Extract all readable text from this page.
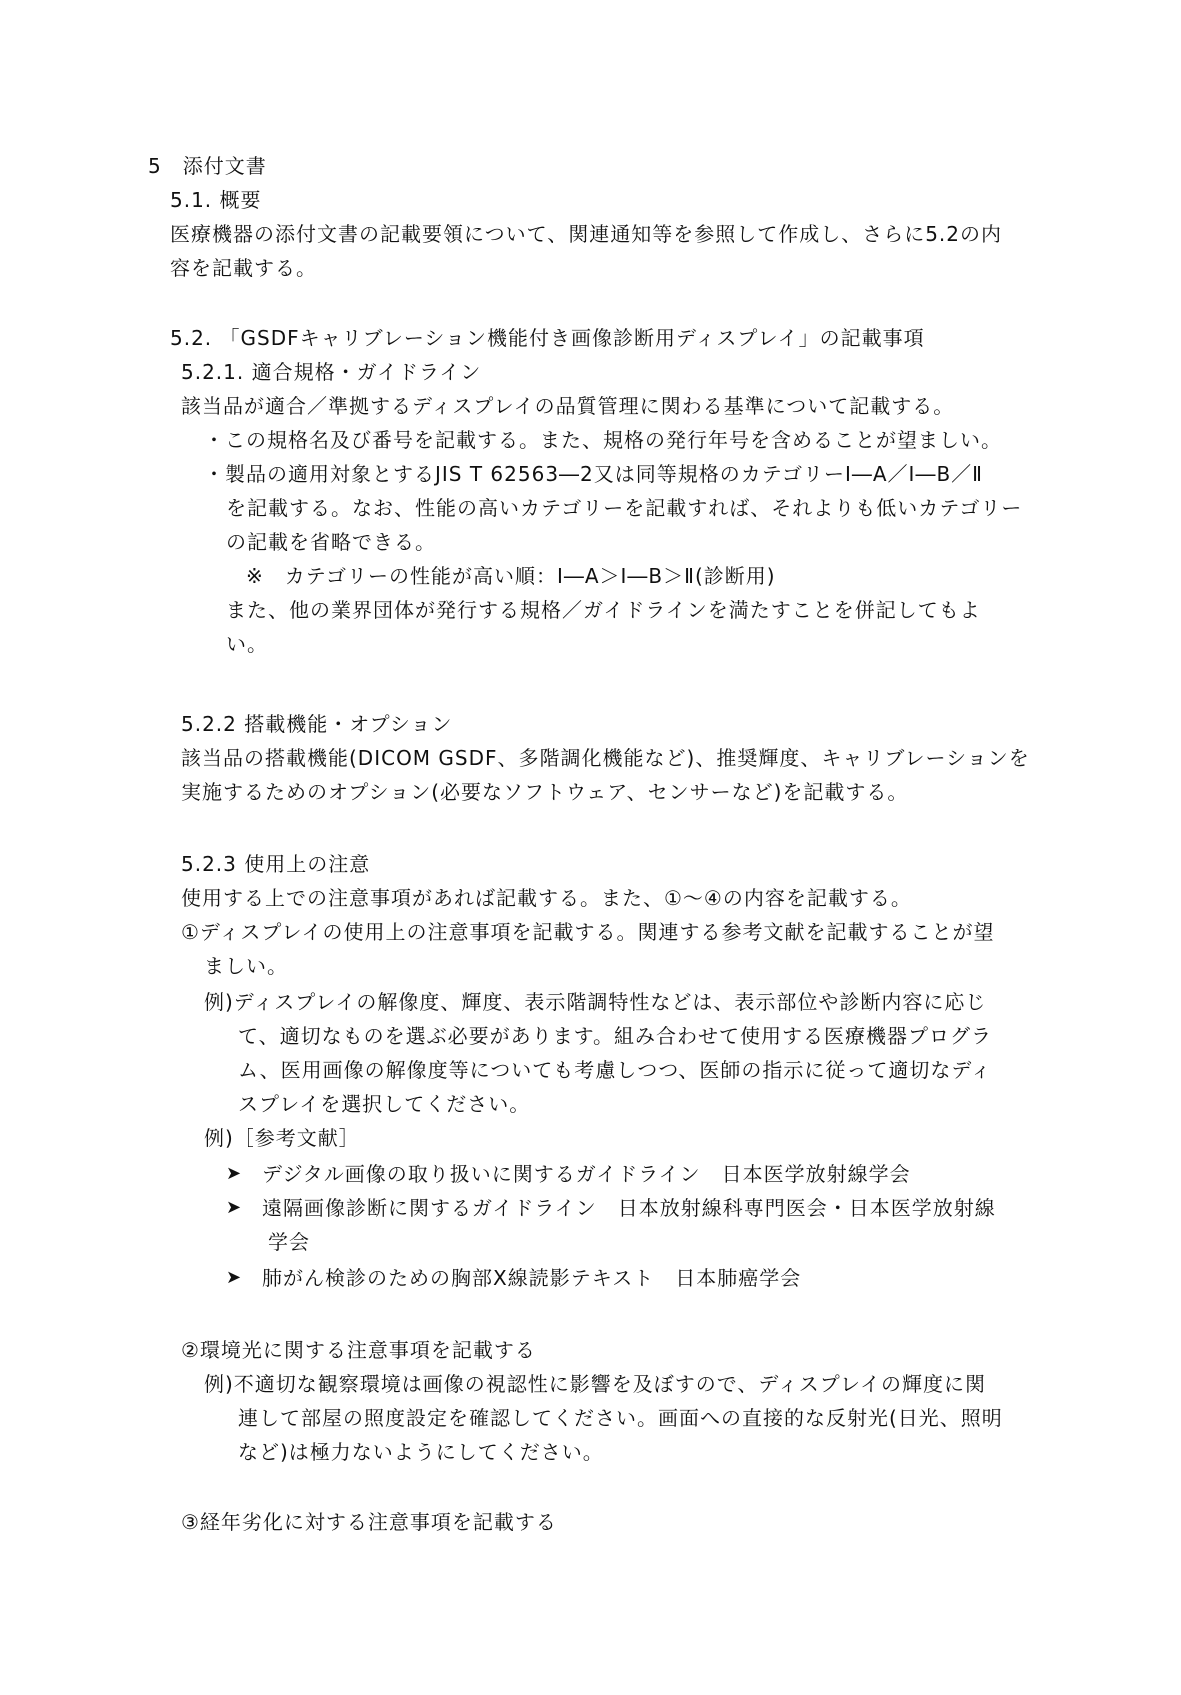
5　添付文書
5.1. 概要
医療機器の添付文書の記載要領について、関連通知等を参照して作成し、さらに5.2の内
容を記載する。
5.2. 「GSDFキャリブレーション機能付き画像診断用ディスプレイ」の記載事項
5.2.1. 適合規格・ガイドライン
該当品が適合／準拠するディスプレイの品質管理に関わる基準について記載する。
・この規格名及び番号を記載する。また、規格の発行年号を含めることが望ましい。
・製品の適用対象とするJIS T 62563―2又は同等規格のカテゴリーⅠ―A／Ⅰ―B／Ⅱ
を記載する。なお、性能の高いカテゴリーを記載すれば、それよりも低いカテゴリー
の記載を省略できる。
※　カテゴリーの性能が高い順：Ⅰ―A＞Ⅰ―B＞Ⅱ(診断用)
また、他の業界団体が発行する規格／ガイドラインを満たすことを併記してもよ
い。
5.2.2 搭載機能・オプション
該当品の搭載機能(DICOM GSDF、多階調化機能など)、推奨輝度、キャリブレーションを
実施するためのオプション(必要なソフトウェア、センサーなど)を記載する。
5.2.3 使用上の注意
使用する上での注意事項があれば記載する。また、①～④の内容を記載する。
①ディスプレイの使用上の注意事項を記載する。関連する参考文献を記載することが望
ましい。
例)ディスプレイの解像度、輝度、表示階調特性などは、表示部位や診断内容に応じ
て、適切なものを選ぶ必要があります。組み合わせて使用する医療機器プログラ
ム、医用画像の解像度等についても考慮しつつ、医師の指示に従って適切なディ
スプレイを選択してください。
例)［参考文献］
➤ デジタル画像の取り扱いに関するガイドライン　日本医学放射線学会
➤ 遠隔画像診断に関するガイドライン　日本放射線科専門医会・日本医学放射線
学会
➤ 肺がん検診のための胸部X線読影テキスト　日本肺癌学会
②環境光に関する注意事項を記載する
例)不適切な観察環境は画像の視認性に影響を及ぼすので、ディスプレイの輝度に関
連して部屋の照度設定を確認してください。画面への直接的な反射光(日光、照明
など)は極力ないようにしてください。
③経年劣化に対する注意事項を記載する
